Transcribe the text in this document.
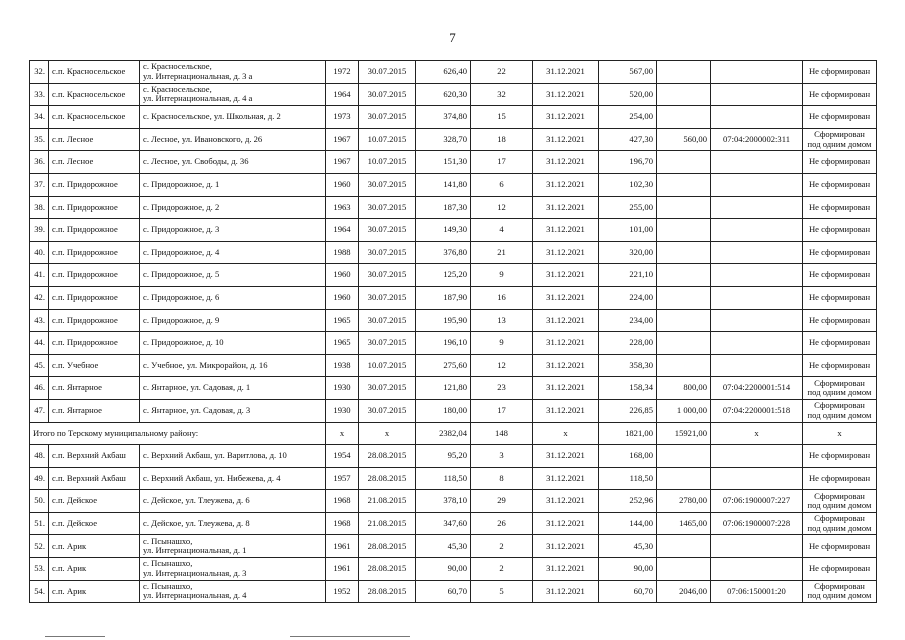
7
32.	с.п. Красносельское	с. Красносельское,
ул. Интернациональная, д. 3 а	1972	30.07.2015	626,40	22	31.12.2021	567,00			Не сформирован
33.	с.п. Красносельское	с. Красносельское,
ул. Интернациональная, д. 4 а	1964	30.07.2015	620,30	32	31.12.2021	520,00			Не сформирован
34.	с.п. Красносельское	с. Красносельское, ул. Школьная, д. 2	1973	30.07.2015	374,80	15	31.12.2021	254,00			Не сформирован
35.	с.п. Лесное	с. Лесное, ул. Ивановского, д. 26	1967	10.07.2015	328,70	18	31.12.2021	427,30	560,00	07:04:2000002:311	Сформирован
под одним домом
36.	с.п. Лесное	с. Лесное, ул. Свободы, д. 36	1967	10.07.2015	151,30	17	31.12.2021	196,70			Не сформирован
37.	с.п. Придорожное	с. Придорожное, д. 1	1960	30.07.2015	141,80	6	31.12.2021	102,30			Не сформирован
38.	с.п. Придорожное	с. Придорожное, д. 2	1963	30.07.2015	187,30	12	31.12.2021	255,00			Не сформирован
39.	с.п. Придорожное	с. Придорожное, д. 3	1964	30.07.2015	149,30	4	31.12.2021	101,00			Не сформирован
40.	с.п. Придорожное	с. Придорожное, д. 4	1988	30.07.2015	376,80	21	31.12.2021	320,00			Не сформирован
41.	с.п. Придорожное	с. Придорожное, д. 5	1960	30.07.2015	125,20	9	31.12.2021	221,10			Не сформирован
42.	с.п. Придорожное	с. Придорожное, д. 6	1960	30.07.2015	187,90	16	31.12.2021	224,00			Не сформирован
43.	с.п. Придорожное	с. Придорожное, д. 9	1965	30.07.2015	195,90	13	31.12.2021	234,00			Не сформирован
44.	с.п. Придорожное	с. Придорожное, д. 10	1965	30.07.2015	196,10	9	31.12.2021	228,00			Не сформирован
45.	с.п. Учебное	с. Учебное, ул. Микрорайон, д. 16	1938	10.07.2015	275,60	12	31.12.2021	358,30			Не сформирован
46.	с.п. Янтарное	с. Янтарное, ул. Садовая, д. 1	1930	30.07.2015	121,80	23	31.12.2021	158,34	800,00	07:04:2200001:514	Сформирован
под одним домом
47.	с.п. Янтарное	с. Янтарное, ул. Садовая, д. 3	1930	30.07.2015	180,00	17	31.12.2021	226,85	1 000,00	07:04:2200001:518	Сформирован
под одним домом
Итого по Терскому муниципальному району:			х	х	2382,04	148	х	1821,00	15921,00	х	х
48.	с.п. Верхний Акбаш	с. Верхний Акбаш, ул. Варитлова, д. 10	1954	28.08.2015	95,20	3	31.12.2021	168,00			Не сформирован
49.	с.п. Верхний Акбаш	с. Верхний Акбаш, ул. Нибежева, д. 4	1957	28.08.2015	118,50	8	31.12.2021	118,50			Не сформирован
50.	с.п. Дейское	с. Дейское, ул. Тлеужева, д. 6	1968	21.08.2015	378,10	29	31.12.2021	252,96	2780,00	07:06:1900007:227	Сформирован
под одним домом
51.	с.п. Дейское	с. Дейское, ул. Тлеужева, д. 8	1968	21.08.2015	347,60	26	31.12.2021	144,00	1465,00	07:06:1900007:228	Сформирован
под одним домом
52.	с.п. Арик	с. Псынашхо,
ул. Интернациональная, д. 1	1961	28.08.2015	45,30	2	31.12.2021	45,30			Не сформирован
53.	с.п. Арик	с. Псынашхо,
ул. Интернациональная, д. 3	1961	28.08.2015	90,00	2	31.12.2021	90,00			Не сформирован
54.	с.п. Арик	с. Псынашхо,
ул. Интернациональная, д. 4	1952	28.08.2015	60,70	5	31.12.2021	60,70	2046,00	07:06:150001:20	Сформирован
под одним домом
